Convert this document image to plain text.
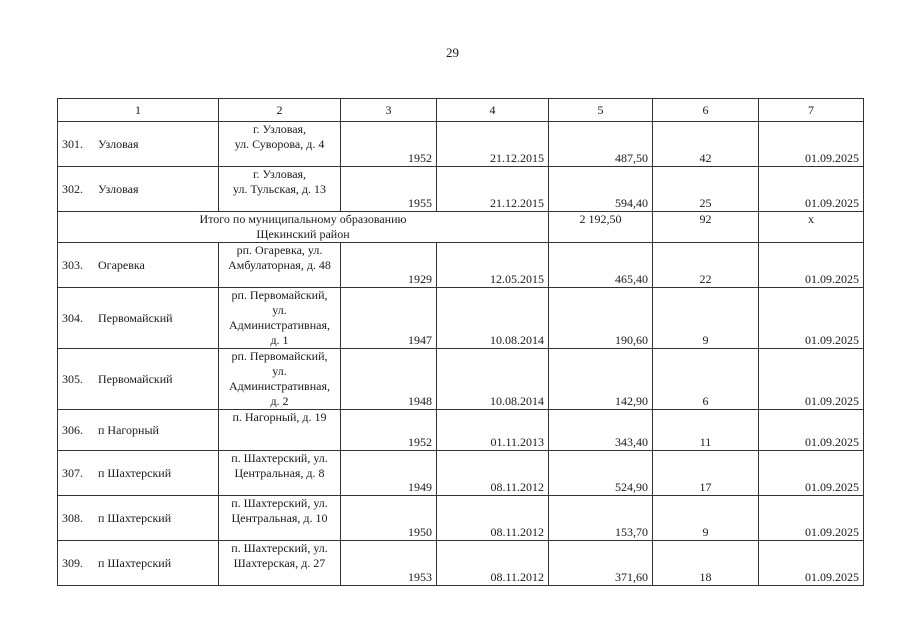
29
1	2	3	4	5	6	7
301. Узловая	г. Узловая,
ул. Суворова, д. 4	1952	21.12.2015	487,50	42	01.09.2025
302. Узловая	г. Узловая,
ул. Тульская, д. 13	1955	21.12.2015	594,40	25	01.09.2025
Итого по муниципальному образованию
Щекинский район				2 192,50	92	x
303. Огаревка	рп. Огаревка, ул.
Амбулаторная, д. 48	1929	12.05.2015	465,40	22	01.09.2025
304. Первомайский	рп. Первомайский,
ул.
Административная,
д. 1	1947	10.08.2014	190,60	9	01.09.2025
305. Первомайский	рп. Первомайский,
ул.
Административная,
д. 2	1948	10.08.2014	142,90	6	01.09.2025
306. п Нагорный	п. Нагорный, д. 19	1952	01.11.2013	343,40	11	01.09.2025
307. п Шахтерский	п. Шахтерский, ул.
Центральная, д. 8	1949	08.11.2012	524,90	17	01.09.2025
308. п Шахтерский	п. Шахтерский, ул.
Центральная, д. 10	1950	08.11.2012	153,70	9	01.09.2025
309. п Шахтерский	п. Шахтерский, ул.
Шахтерская, д. 27	1953	08.11.2012	371,60	18	01.09.2025
